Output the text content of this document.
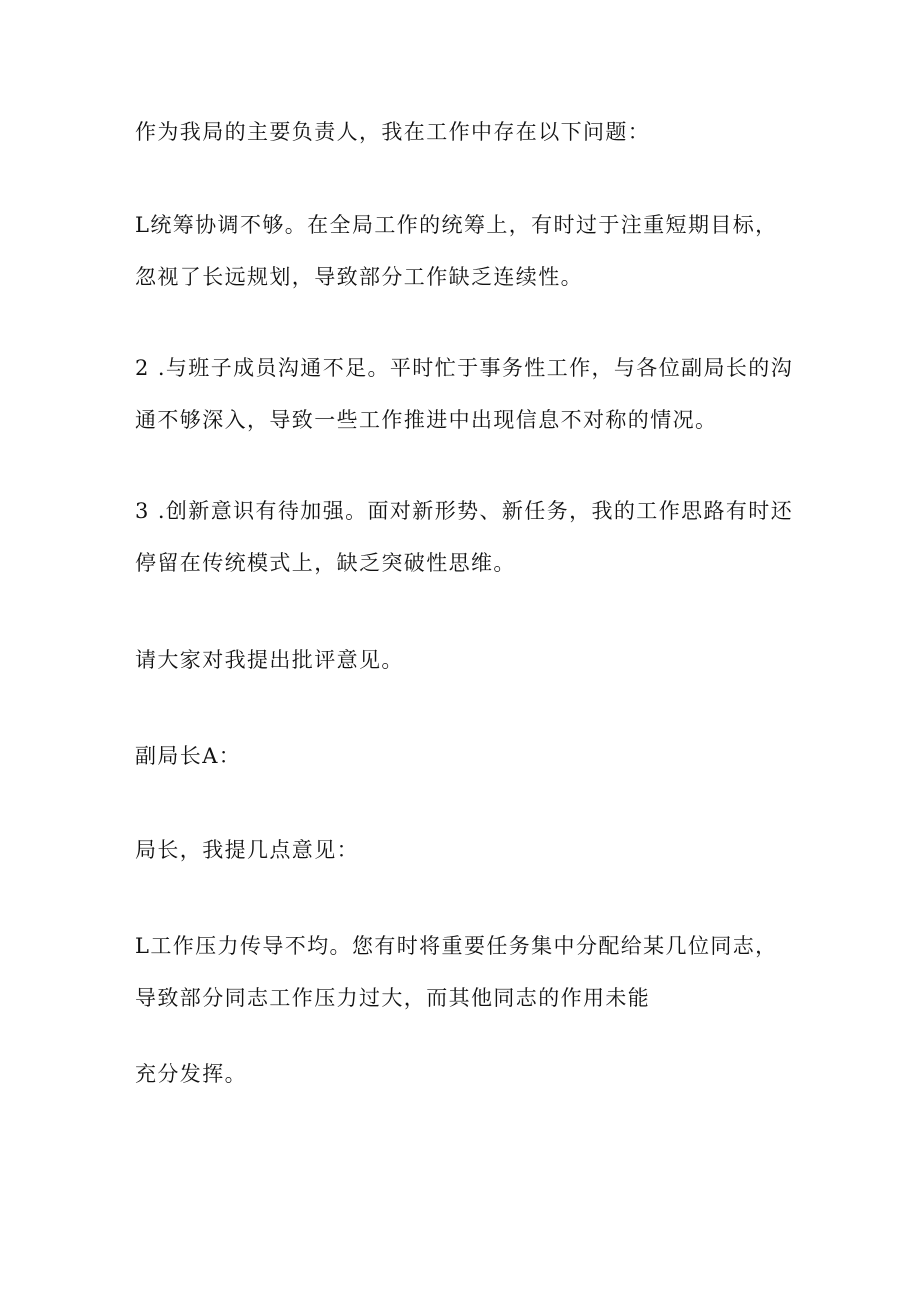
作为我局的主要负责人，我在工作中存在以下问题：

L统筹协调不够。在全局工作的统筹上，有时过于注重短期目标，忽视了长远规划，导致部分工作缺乏连续性。

2 .与班子成员沟通不足。平时忙于事务性工作，与各位副局长的沟通不够深入，导致一些工作推进中出现信息不对称的情况。

3 .创新意识有待加强。面对新形势、新任务，我的工作思路有时还停留在传统模式上，缺乏突破性思维。

请大家对我提出批评意见。

副局长A：

局长，我提几点意见：

L工作压力传导不均。您有时将重要任务集中分配给某几位同志，导致部分同志工作压力过大，而其他同志的作用未能

充分发挥。
